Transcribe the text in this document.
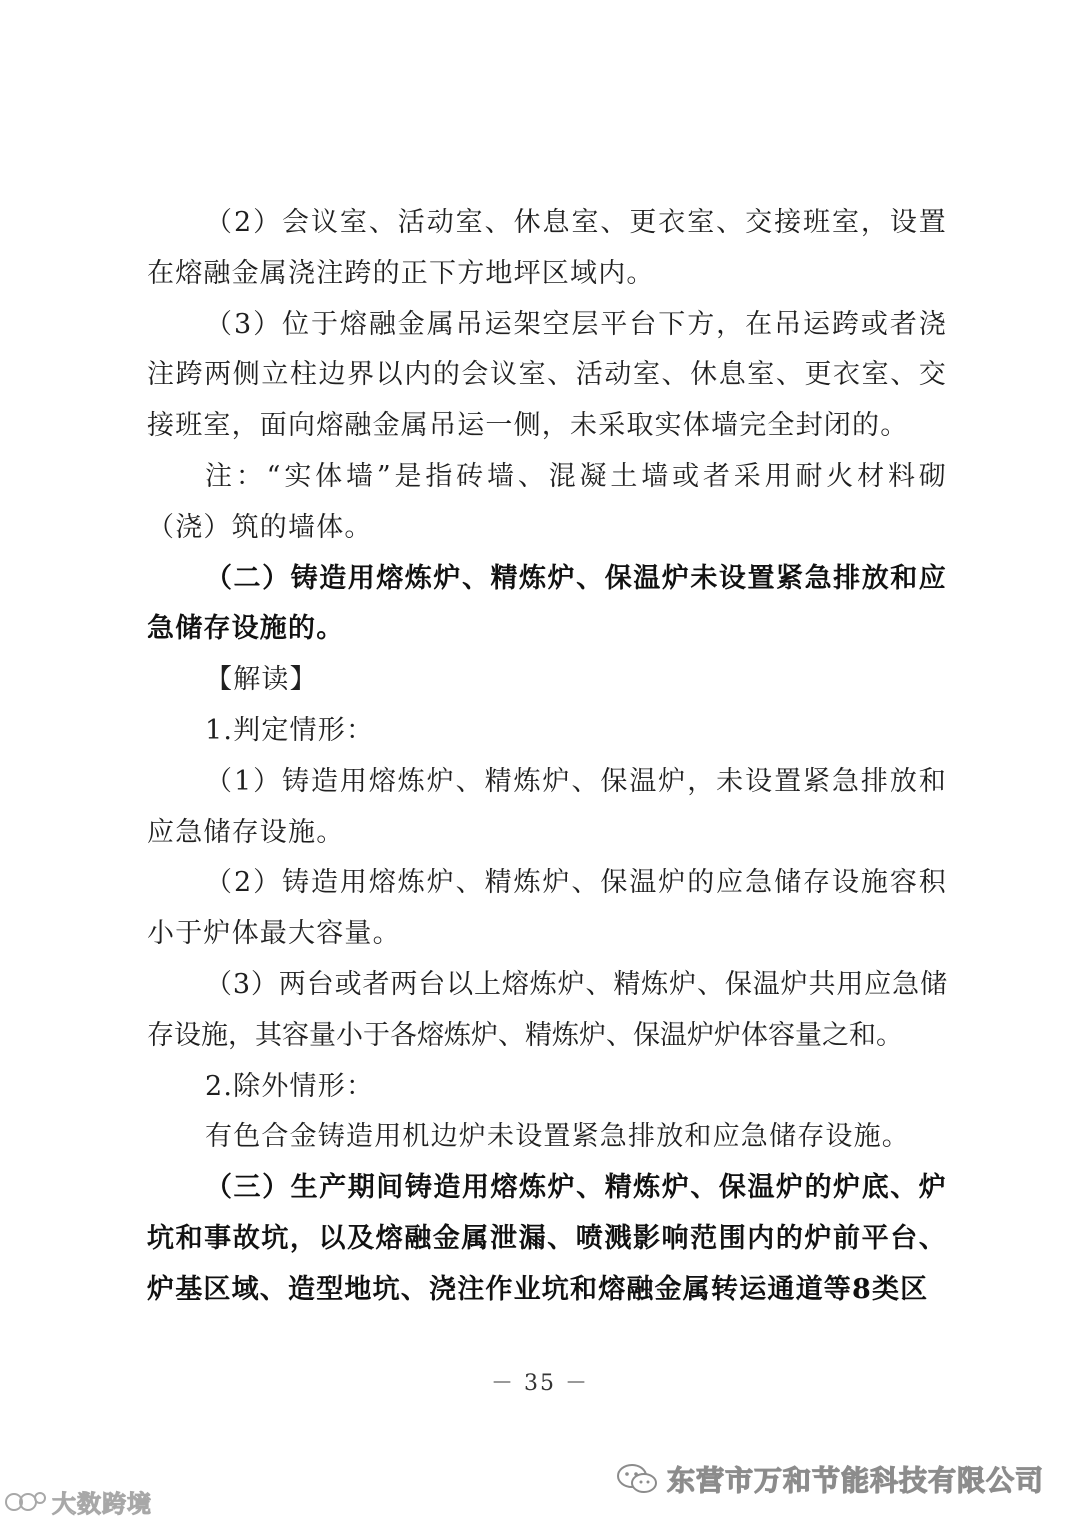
（2）会议室、活动室、休息室、更衣室、交接班室，设置在熔融金属浇注跨的正下方地坪区域内。

（3）位于熔融金属吊运架空层平台下方，在吊运跨或者浇注跨两侧立柱边界以内的会议室、活动室、休息室、更衣室、交接班室，面向熔融金属吊运一侧，未采取实体墙完全封闭的。

注：“实体墙”是指砖墙、混凝土墙或者采用耐火材料砌（浇）筑的墙体。

（二）铸造用熔炼炉、精炼炉、保温炉未设置紧急排放和应急储存设施的。

【解读】

1.判定情形：

（1）铸造用熔炼炉、精炼炉、保温炉，未设置紧急排放和应急储存设施。

（2）铸造用熔炼炉、精炼炉、保温炉的应急储存设施容积小于炉体最大容量。

（3）两台或者两台以上熔炼炉、精炼炉、保温炉共用应急储存设施，其容量小于各熔炼炉、精炼炉、保温炉炉体容量之和。

2.除外情形：

有色合金铸造用机边炉未设置紧急排放和应急储存设施。

（三）生产期间铸造用熔炼炉、精炼炉、保温炉的炉底、炉坑和事故坑，以及熔融金属泄漏、喷溅影响范围内的炉前平台、炉基区域、造型地坑、浇注作业坑和熔融金属转运通道等8类区

－ 35 －
大数跨境
东营市万和节能科技有限公司
